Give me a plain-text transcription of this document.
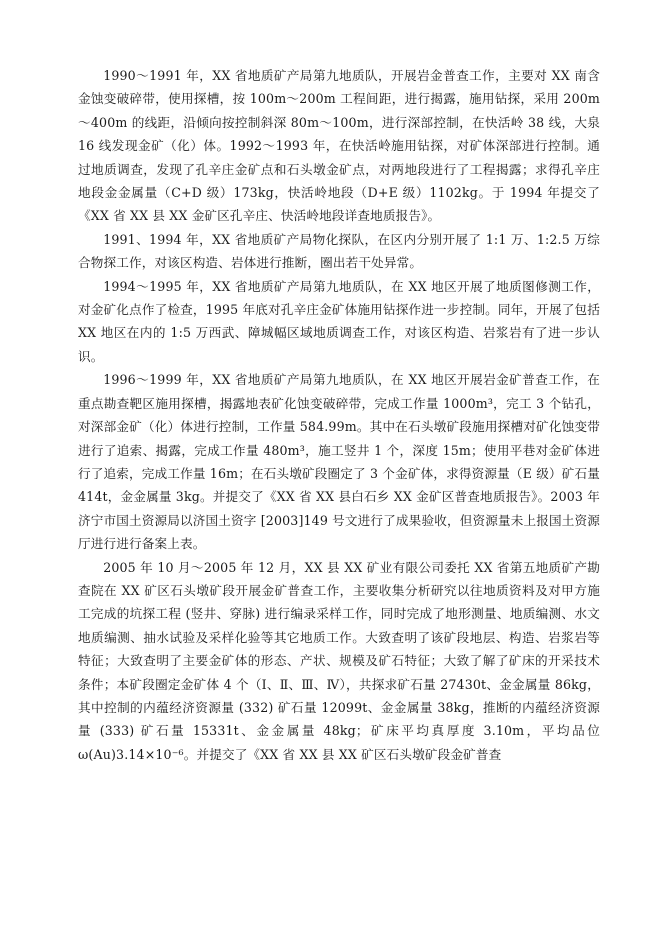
1990～1991 年，XX 省地质矿产局第九地质队，开展岩金普查工作，主要对 XX 南含金蚀变破碎带，使用探槽，按 100m～200m 工程间距，进行揭露，施用钻探，采用 200m～400m 的线距，沿倾向按控制斜深 80m～100m，进行深部控制，在快活岭 38 线，大泉 16 线发现金矿（化）体。1992～1993 年，在快活岭施用钻探，对矿体深部进行控制。通过地质调查，发现了孔辛庄金矿点和石头墩金矿点，对两地段进行了工程揭露；求得孔辛庄地段金金属量（C+D 级）173kg，快活岭地段（D+E 级）1102kg。于 1994 年提交了《XX 省 XX 县 XX 金矿区孔辛庄、快活岭地段详查地质报告》。

1991、1994 年，XX 省地质矿产局物化探队，在区内分别开展了 1:1 万、1:2.5 万综合物探工作，对该区构造、岩体进行推断，圈出若干处异常。

1994～1995 年，XX 省地质矿产局第九地质队，在 XX 地区开展了地质图修测工作，对金矿化点作了检查，1995 年底对孔辛庄金矿体施用钻探作进一步控制。同年，开展了包括 XX 地区在内的 1:5 万西武、障城幅区域地质调查工作，对该区构造、岩浆岩有了进一步认识。

1996～1999 年，XX 省地质矿产局第九地质队，在 XX 地区开展岩金矿普查工作，在重点勘查靶区施用探槽，揭露地表矿化蚀变破碎带，完成工作量 1000m³，完工 3 个钻孔，对深部金矿（化）体进行控制，工作量 584.99m。其中在石头墩矿段施用探槽对矿化蚀变带进行了追索、揭露，完成工作量 480m³，施工竖井 1 个，深度 15m；使用平巷对金矿体进行了追索，完成工作量 16m；在石头墩矿段圈定了 3 个金矿体，求得资源量（E 级）矿石量 414t，金金属量 3kg。并提交了《XX 省 XX 县白石乡 XX 金矿区普查地质报告》。2003 年济宁市国土资源局以济国土资字 [2003]149 号文进行了成果验收，但资源量未上报国土资源厅进行进行备案上表。

2005 年 10 月～2005 年 12 月，XX 县 XX 矿业有限公司委托 XX 省第五地质矿产勘查院在 XX 矿区石头墩矿段开展金矿普查工作，主要收集分析研究以往地质资料及对甲方施工完成的坑探工程 (竖井、穿脉) 进行编录采样工作，同时完成了地形测量、地质编测、水文地质编测、抽水试验及采样化验等其它地质工作。大致查明了该矿段地层、构造、岩浆岩等特征；大致查明了主要金矿体的形态、产状、规模及矿石特征；大致了解了矿床的开采技术条件；本矿段圈定金矿体 4 个（Ⅰ、Ⅱ、Ⅲ、Ⅳ），共探求矿石量 27430t、金金属量 86kg，其中控制的内蕴经济资源量 (332) 矿石量 12099t、金金属量 38kg，推断的内蕴经济资源量 (333) 矿石量 15331t、金金属量 48kg；矿床平均真厚度 3.10m，平均品位 ω(Au)3.14×10⁻⁶。并提交了《XX 省 XX 县 XX 矿区石头墩矿段金矿普查
